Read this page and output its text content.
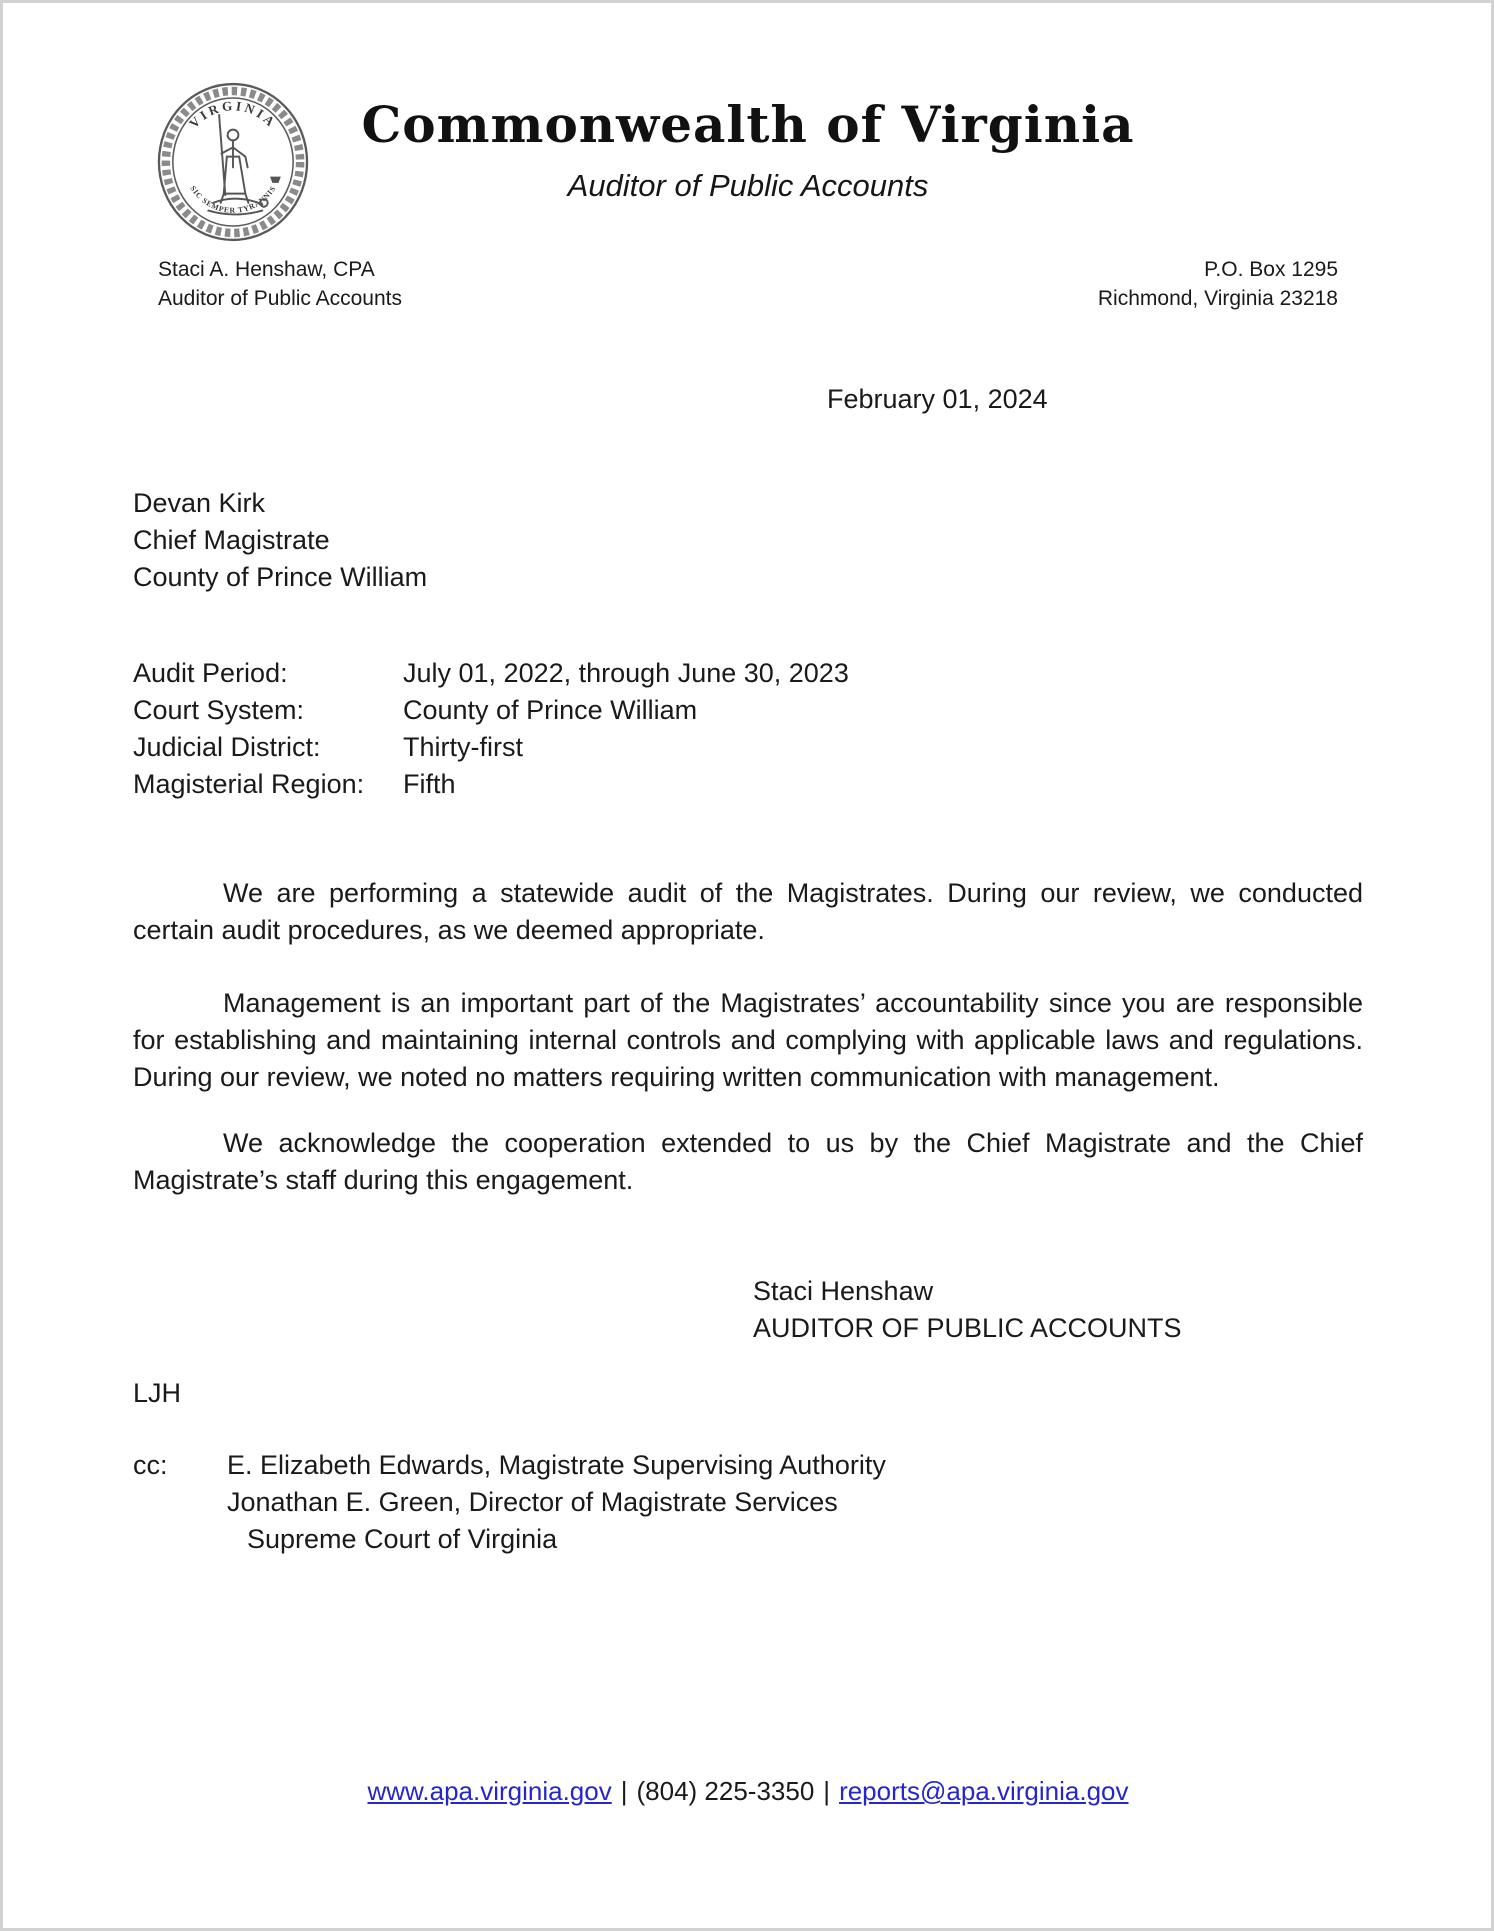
VIRGINIA
SIC SEMPER TYRANNIS
Commonwealth of Virginia
Auditor of Public Accounts
Staci A. Henshaw, CPA
Auditor of Public Accounts
P.O. Box 1295
Richmond, Virginia 23218
February 01, 2024
Devan Kirk
Chief Magistrate
County of Prince William
Audit Period:	July 01, 2022, through June 30, 2023
Court System:	County of Prince William
Judicial District:	Thirty-first
Magisterial Region:	Fifth
We are performing a statewide audit of the Magistrates. During our review, we conducted
certain audit procedures, as we deemed appropriate.
Management is an important part of the Magistrates’ accountability since you are responsible
for establishing and maintaining internal controls and complying with applicable laws and regulations.
During our review, we noted no matters requiring written communication with management.
We acknowledge the cooperation extended to us by the Chief Magistrate and the Chief
Magistrate’s staff during this engagement.
Staci Henshaw
AUDITOR OF PUBLIC ACCOUNTS
LJH
cc:	E. Elizabeth Edwards, Magistrate Supervising Authority
Jonathan E. Green, Director of Magistrate Services
Supreme Court of Virginia
www.apa.virginia.gov | (804) 225-3350 | reports@apa.virginia.gov
